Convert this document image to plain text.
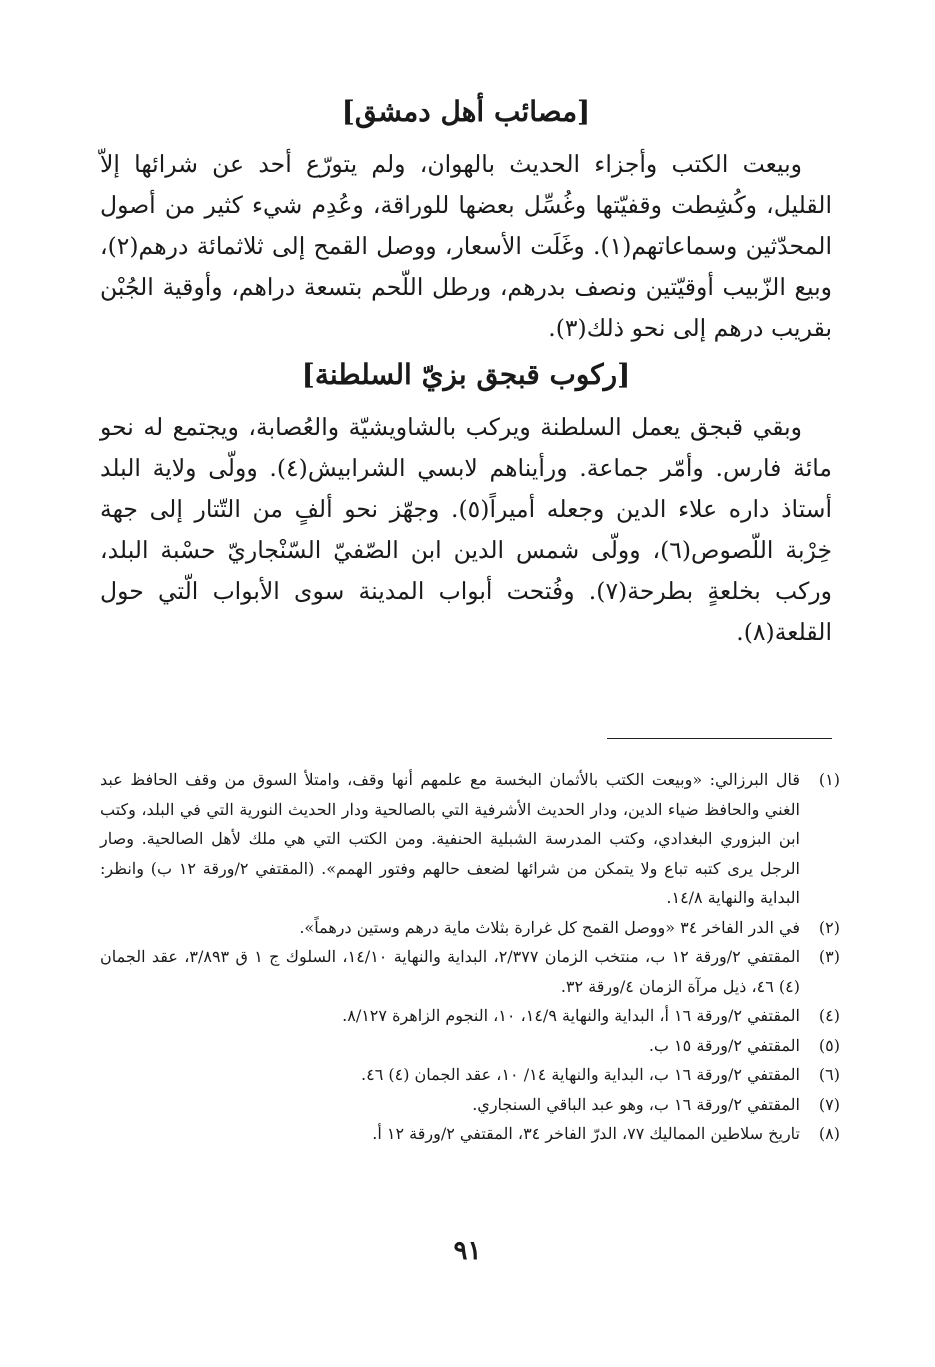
[مصائب أهل دمشق]

وبيعت الكتب وأجزاء الحديث بالهوان، ولم يتورّع أحد عن شرائها إلاّ القليل، وكُشِطت وقفيّتها وغُسِّل بعضها للوراقة، وعُدِم شيء كثير من أصول المحدّثين وسماعاتهم(١). وغَلَت الأسعار، ووصل القمح إلى ثلاثمائة درهم(٢)، وبيع الزّبيب أوقيّتين ونصف بدرهم، ورطل اللّحم بتسعة دراهم، وأوقية الجُبْن بقريب درهم إلى نحو ذلك(٣).

[ركوب قبجق بزيّ السلطنة]

وبقي قبجق يعمل السلطنة ويركب بالشاويشيّة والعُصابة، ويجتمع له نحو مائة فارس. وأمّر جماعة. ورأيناهم لابسي الشرابيش(٤). وولّى ولاية البلد أستاذ داره علاء الدين وجعله أميراً(٥). وجهّز نحو ألفٍ من التّتار إلى جهة خِرْبة اللّصوص(٦)، وولّى شمس الدين ابن الصّفيّ السّنْجاريّ حسْبة البلد، وركب بخلعةٍ بطرحة(٧). وفُتحت أبواب المدينة سوى الأبواب الّتي حول القلعة(٨).

(١)
قال البرزالي: «وبيعت الكتب بالأثمان البخسة مع علمهم أنها وقف، وامتلأ السوق من وقف الحافظ عبد الغني والحافظ ضياء الدين، ودار الحديث الأشرفية التي بالصالحية ودار الحديث النورية التي في البلد، وكتب ابن البزوري البغدادي، وكتب المدرسة الشبلية الحنفية. ومن الكتب التي هي ملك لأهل الصالحية. وصار الرجل يرى كتبه تباع ولا يتمكن من شرائها لضعف حالهم وفتور الهمم». (المقتفي ٢/ورقة ١٢ ب) وانظر: البداية والنهاية ١٤/٨.
(٢)
في الدر الفاخر ٣٤ «ووصل القمح كل غرارة بثلاث ماية درهم وستين درهماً».
(٣)
المقتفي ٢/ورقة ١٢ ب، منتخب الزمان ٢/٣٧٧، البداية والنهاية ١٤/١٠، السلوك ج ١ ق ٣/٨٩٣، عقد الجمان (٤) ٤٦، ذيل مرآة الزمان ٤/ورقة ٣٢.
(٤)
المقتفي ٢/ورقة ١٦ أ، البداية والنهاية ١٤/٩، ١٠، النجوم الزاهرة ٨/١٢٧.
(٥)
المقتفي ٢/ورقة ١٥ ب.
(٦)
المقتفي ٢/ورقة ١٦ ب، البداية والنهاية ١٤/ ١٠، عقد الجمان (٤) ٤٦.
(٧)
المقتفي ٢/ورقة ١٦ ب، وهو عبد الباقي السنجاري.
(٨)
تاريخ سلاطين المماليك ٧٧، الدرّ الفاخر ٣٤، المقتفي ٢/ورقة ١٢ أ.
٩١
